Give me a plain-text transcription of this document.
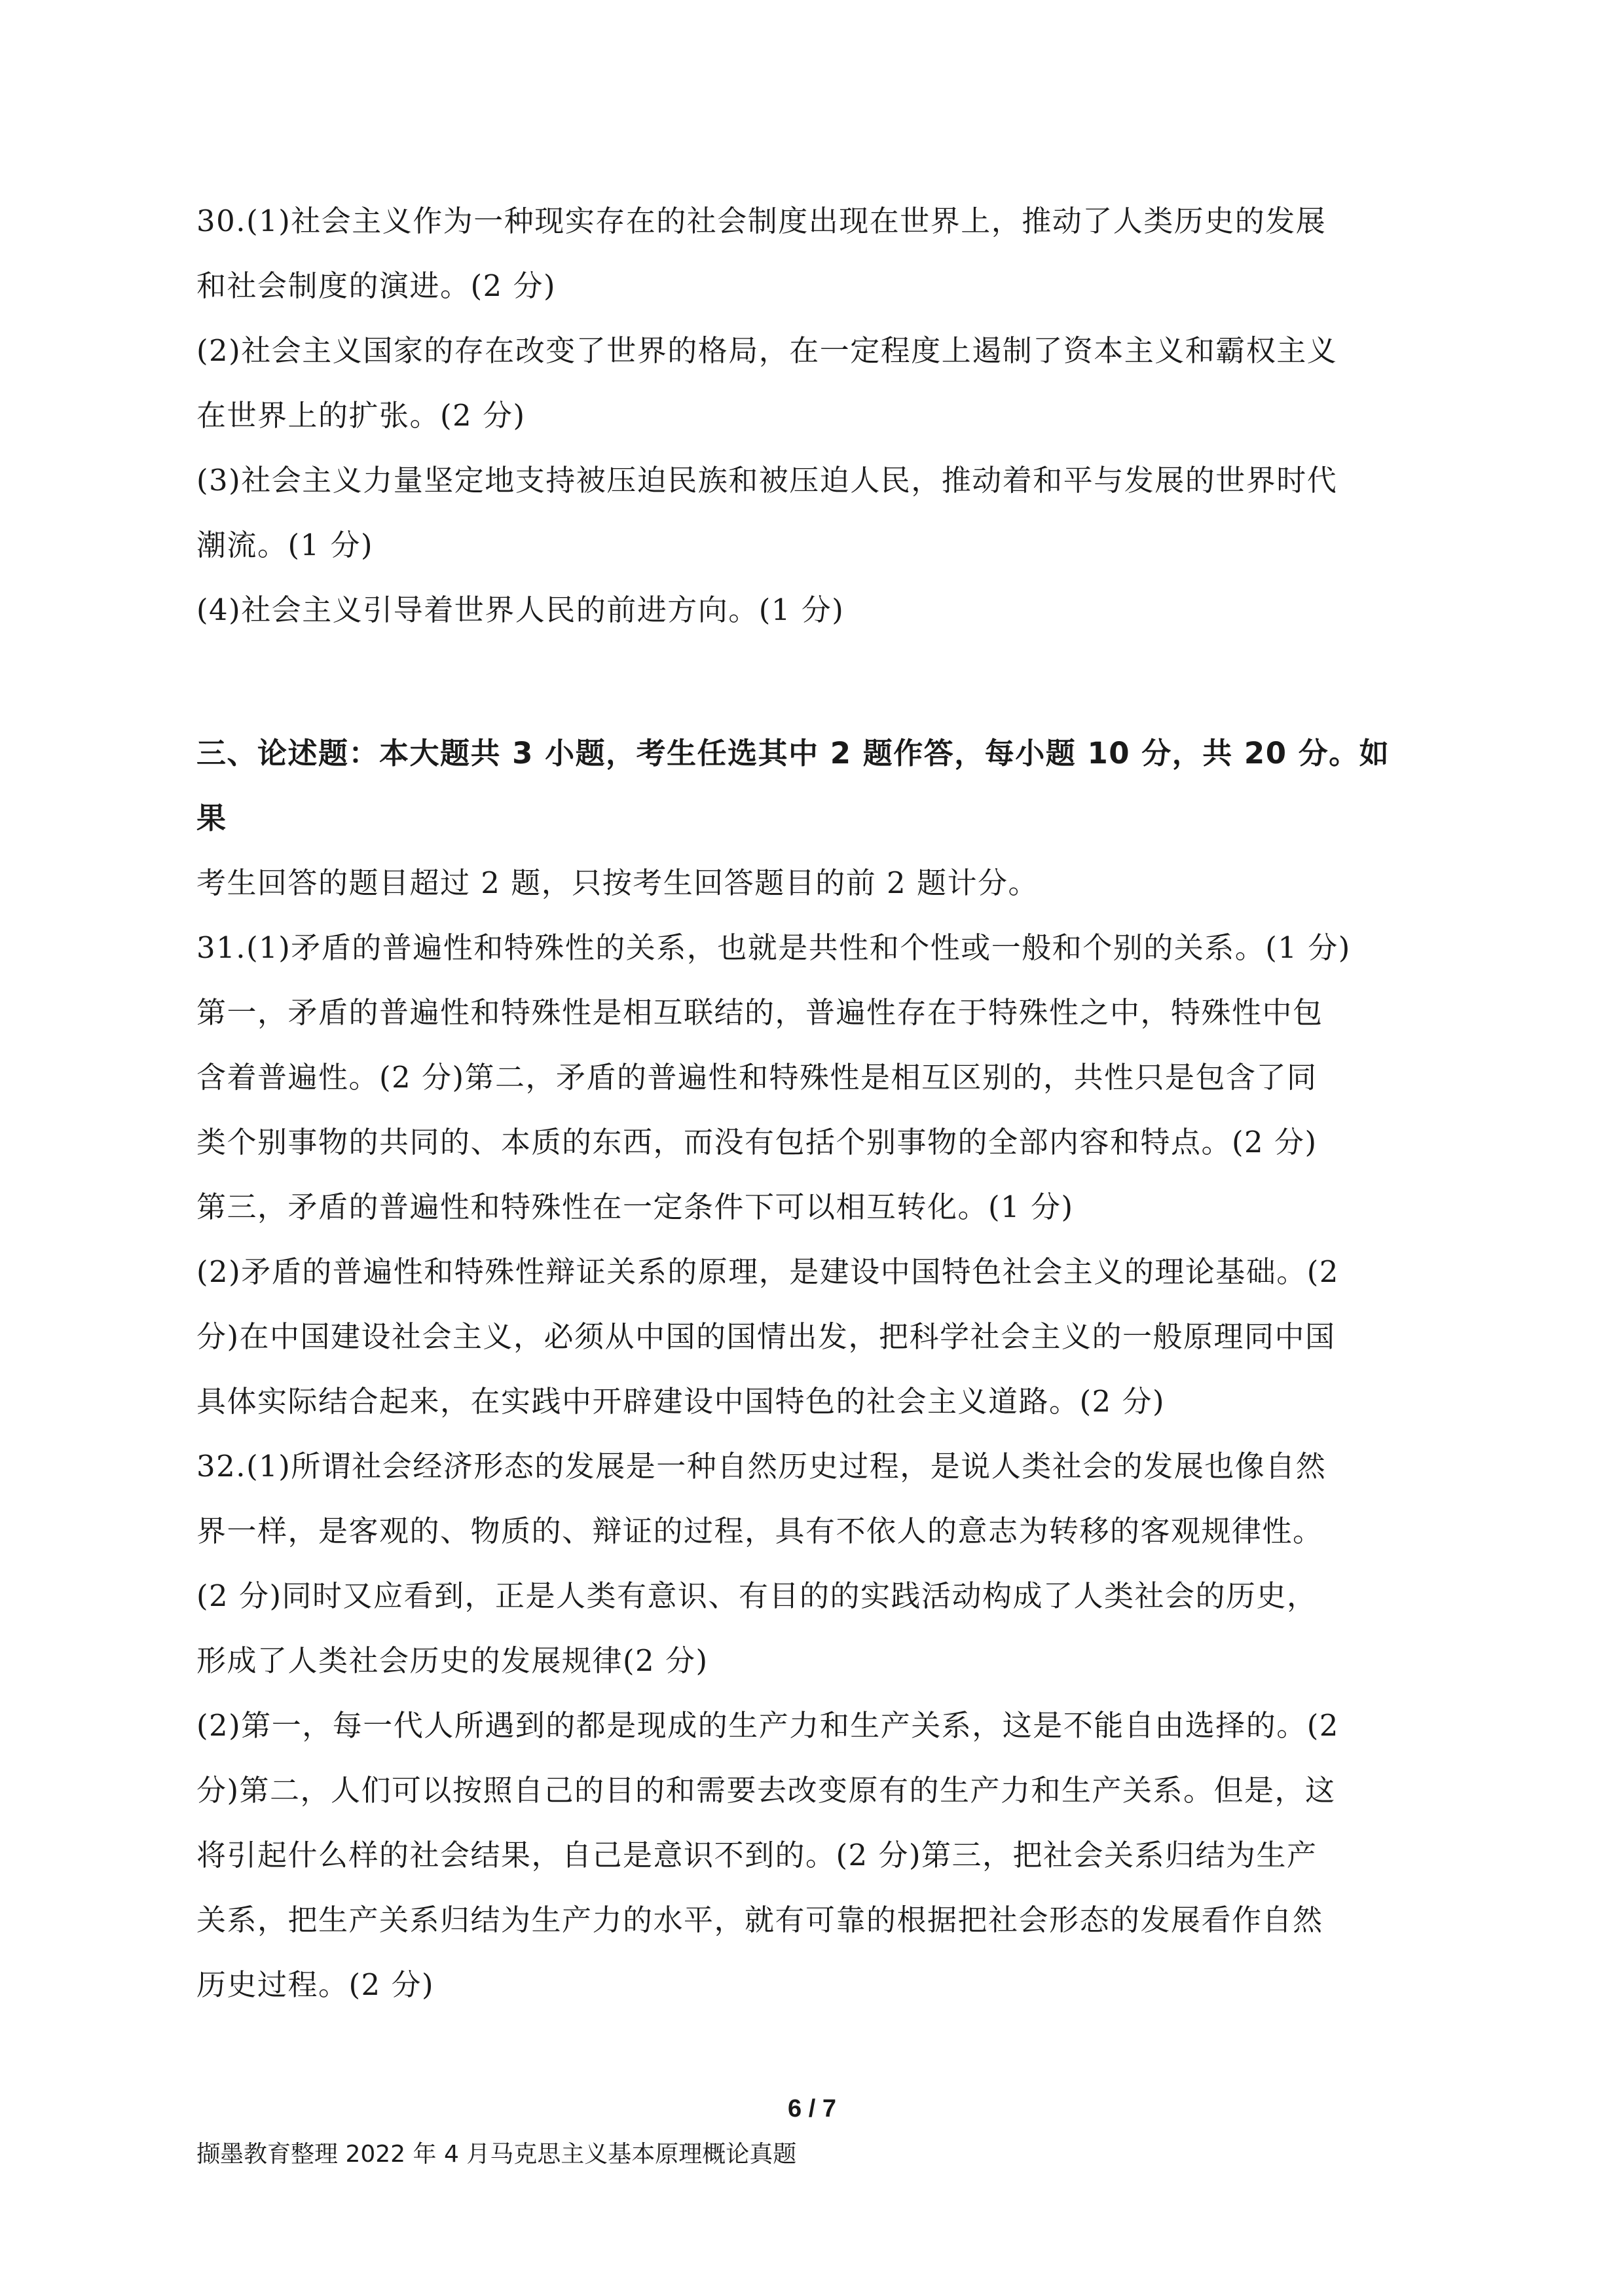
30.(1)社会主义作为一种现实存在的社会制度出现在世界上，推动了人类历史的发展
和社会制度的演进。(2 分)
(2)社会主义国家的存在改变了世界的格局，在一定程度上遏制了资本主义和霸权主义
在世界上的扩张。(2 分)
(3)社会主义力量坚定地支持被压迫民族和被压迫人民，推动着和平与发展的世界时代
潮流。(1 分)
(4)社会主义引导着世界人民的前进方向。(1 分)
三、论述题：本大题共 3 小题，考生任选其中 2 题作答，每小题 10 分，共 20 分。如
果
考生回答的题目超过 2 题，只按考生回答题目的前 2 题计分。
31.(1)矛盾的普遍性和特殊性的关系，也就是共性和个性或一般和个别的关系。(1 分)
第一，矛盾的普遍性和特殊性是相互联结的，普遍性存在于特殊性之中，特殊性中包
含着普遍性。(2 分)第二，矛盾的普遍性和特殊性是相互区别的，共性只是包含了同
类个别事物的共同的、本质的东西，而没有包括个别事物的全部内容和特点。(2 分)
第三，矛盾的普遍性和特殊性在一定条件下可以相互转化。(1 分)
(2)矛盾的普遍性和特殊性辩证关系的原理，是建设中国特色社会主义的理论基础。(2
分)在中国建设社会主义，必须从中国的国情出发，把科学社会主义的一般原理同中国
具体实际结合起来，在实践中开辟建设中国特色的社会主义道路。(2 分)
32.(1)所谓社会经济形态的发展是一种自然历史过程，是说人类社会的发展也像自然
界一样，是客观的、物质的、辩证的过程，具有不依人的意志为转移的客观规律性。
(2 分)同时又应看到，正是人类有意识、有目的的实践活动构成了人类社会的历史，
形成了人类社会历史的发展规律(2 分)
(2)第一，每一代人所遇到的都是现成的生产力和生产关系，这是不能自由选择的。(2
分)第二，人们可以按照自己的目的和需要去改变原有的生产力和生产关系。但是，这
将引起什么样的社会结果，自己是意识不到的。(2 分)第三，把社会关系归结为生产
关系，把生产关系归结为生产力的水平，就有可靠的根据把社会形态的发展看作自然
历史过程。(2 分)
6 / 7
撷墨教育整理 2022 年 4 月马克思主义基本原理概论真题
